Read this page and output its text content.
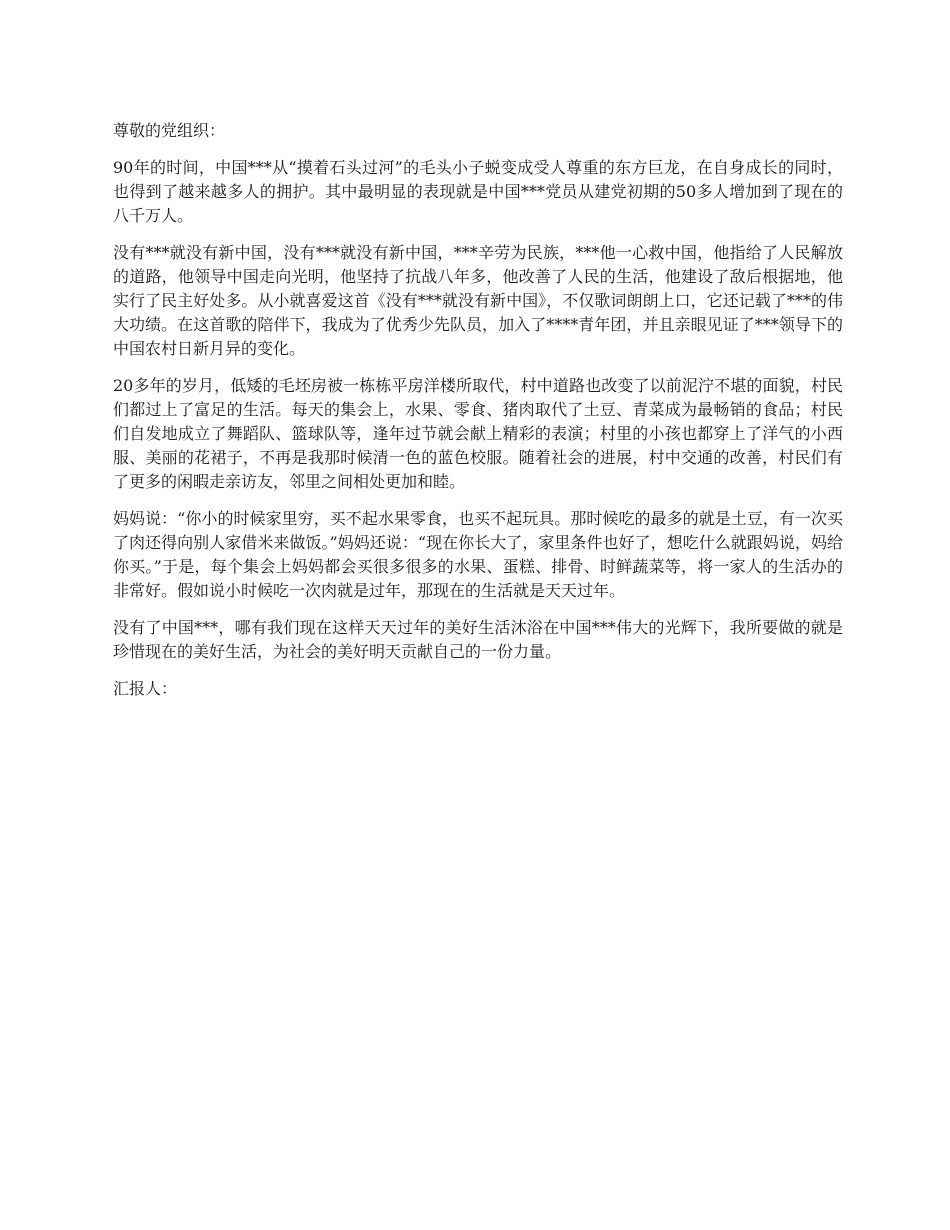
尊敬的党组织：

90年的时间，中国***从“摸着石头过河”的毛头小子蜕变成受人尊重的东方巨龙，在自身成长的同时，也得到了越来越多人的拥护。其中最明显的表现就是中国***党员从建党初期的50多人增加到了现在的八千万人。

没有***就没有新中国，没有***就没有新中国，***辛劳为民族，***他一心救中国，他指给了人民解放的道路，他领导中国走向光明，他坚持了抗战八年多，他改善了人民的生活，他建设了敌后根据地，他实行了民主好处多。从小就喜爱这首《没有***就没有新中国》，不仅歌词朗朗上口，它还记载了***的伟大功绩。在这首歌的陪伴下，我成为了优秀少先队员，加入了****青年团，并且亲眼见证了***领导下的中国农村日新月异的变化。

20多年的岁月，低矮的毛坯房被一栋栋平房洋楼所取代，村中道路也改变了以前泥泞不堪的面貌，村民们都过上了富足的生活。每天的集会上，水果、零食、猪肉取代了土豆、青菜成为最畅销的食品；村民们自发地成立了舞蹈队、篮球队等，逢年过节就会献上精彩的表演；村里的小孩也都穿上了洋气的小西服、美丽的花裙子，不再是我那时候清一色的蓝色校服。随着社会的进展，村中交通的改善，村民们有了更多的闲暇走亲访友，邻里之间相处更加和睦。

妈妈说：“你小的时候家里穷，买不起水果零食，也买不起玩具。那时候吃的最多的就是土豆，有一次买了肉还得向别人家借米来做饭。”妈妈还说：“现在你长大了，家里条件也好了，想吃什么就跟妈说，妈给你买。”于是，每个集会上妈妈都会买很多很多的水果、蛋糕、排骨、时鲜蔬菜等，将一家人的生活办的非常好。假如说小时候吃一次肉就是过年，那现在的生活就是天天过年。

没有了中国***，哪有我们现在这样天天过年的美好生活沐浴在中国***伟大的光辉下，我所要做的就是珍惜现在的美好生活，为社会的美好明天贡献自己的一份力量。

汇报人：
